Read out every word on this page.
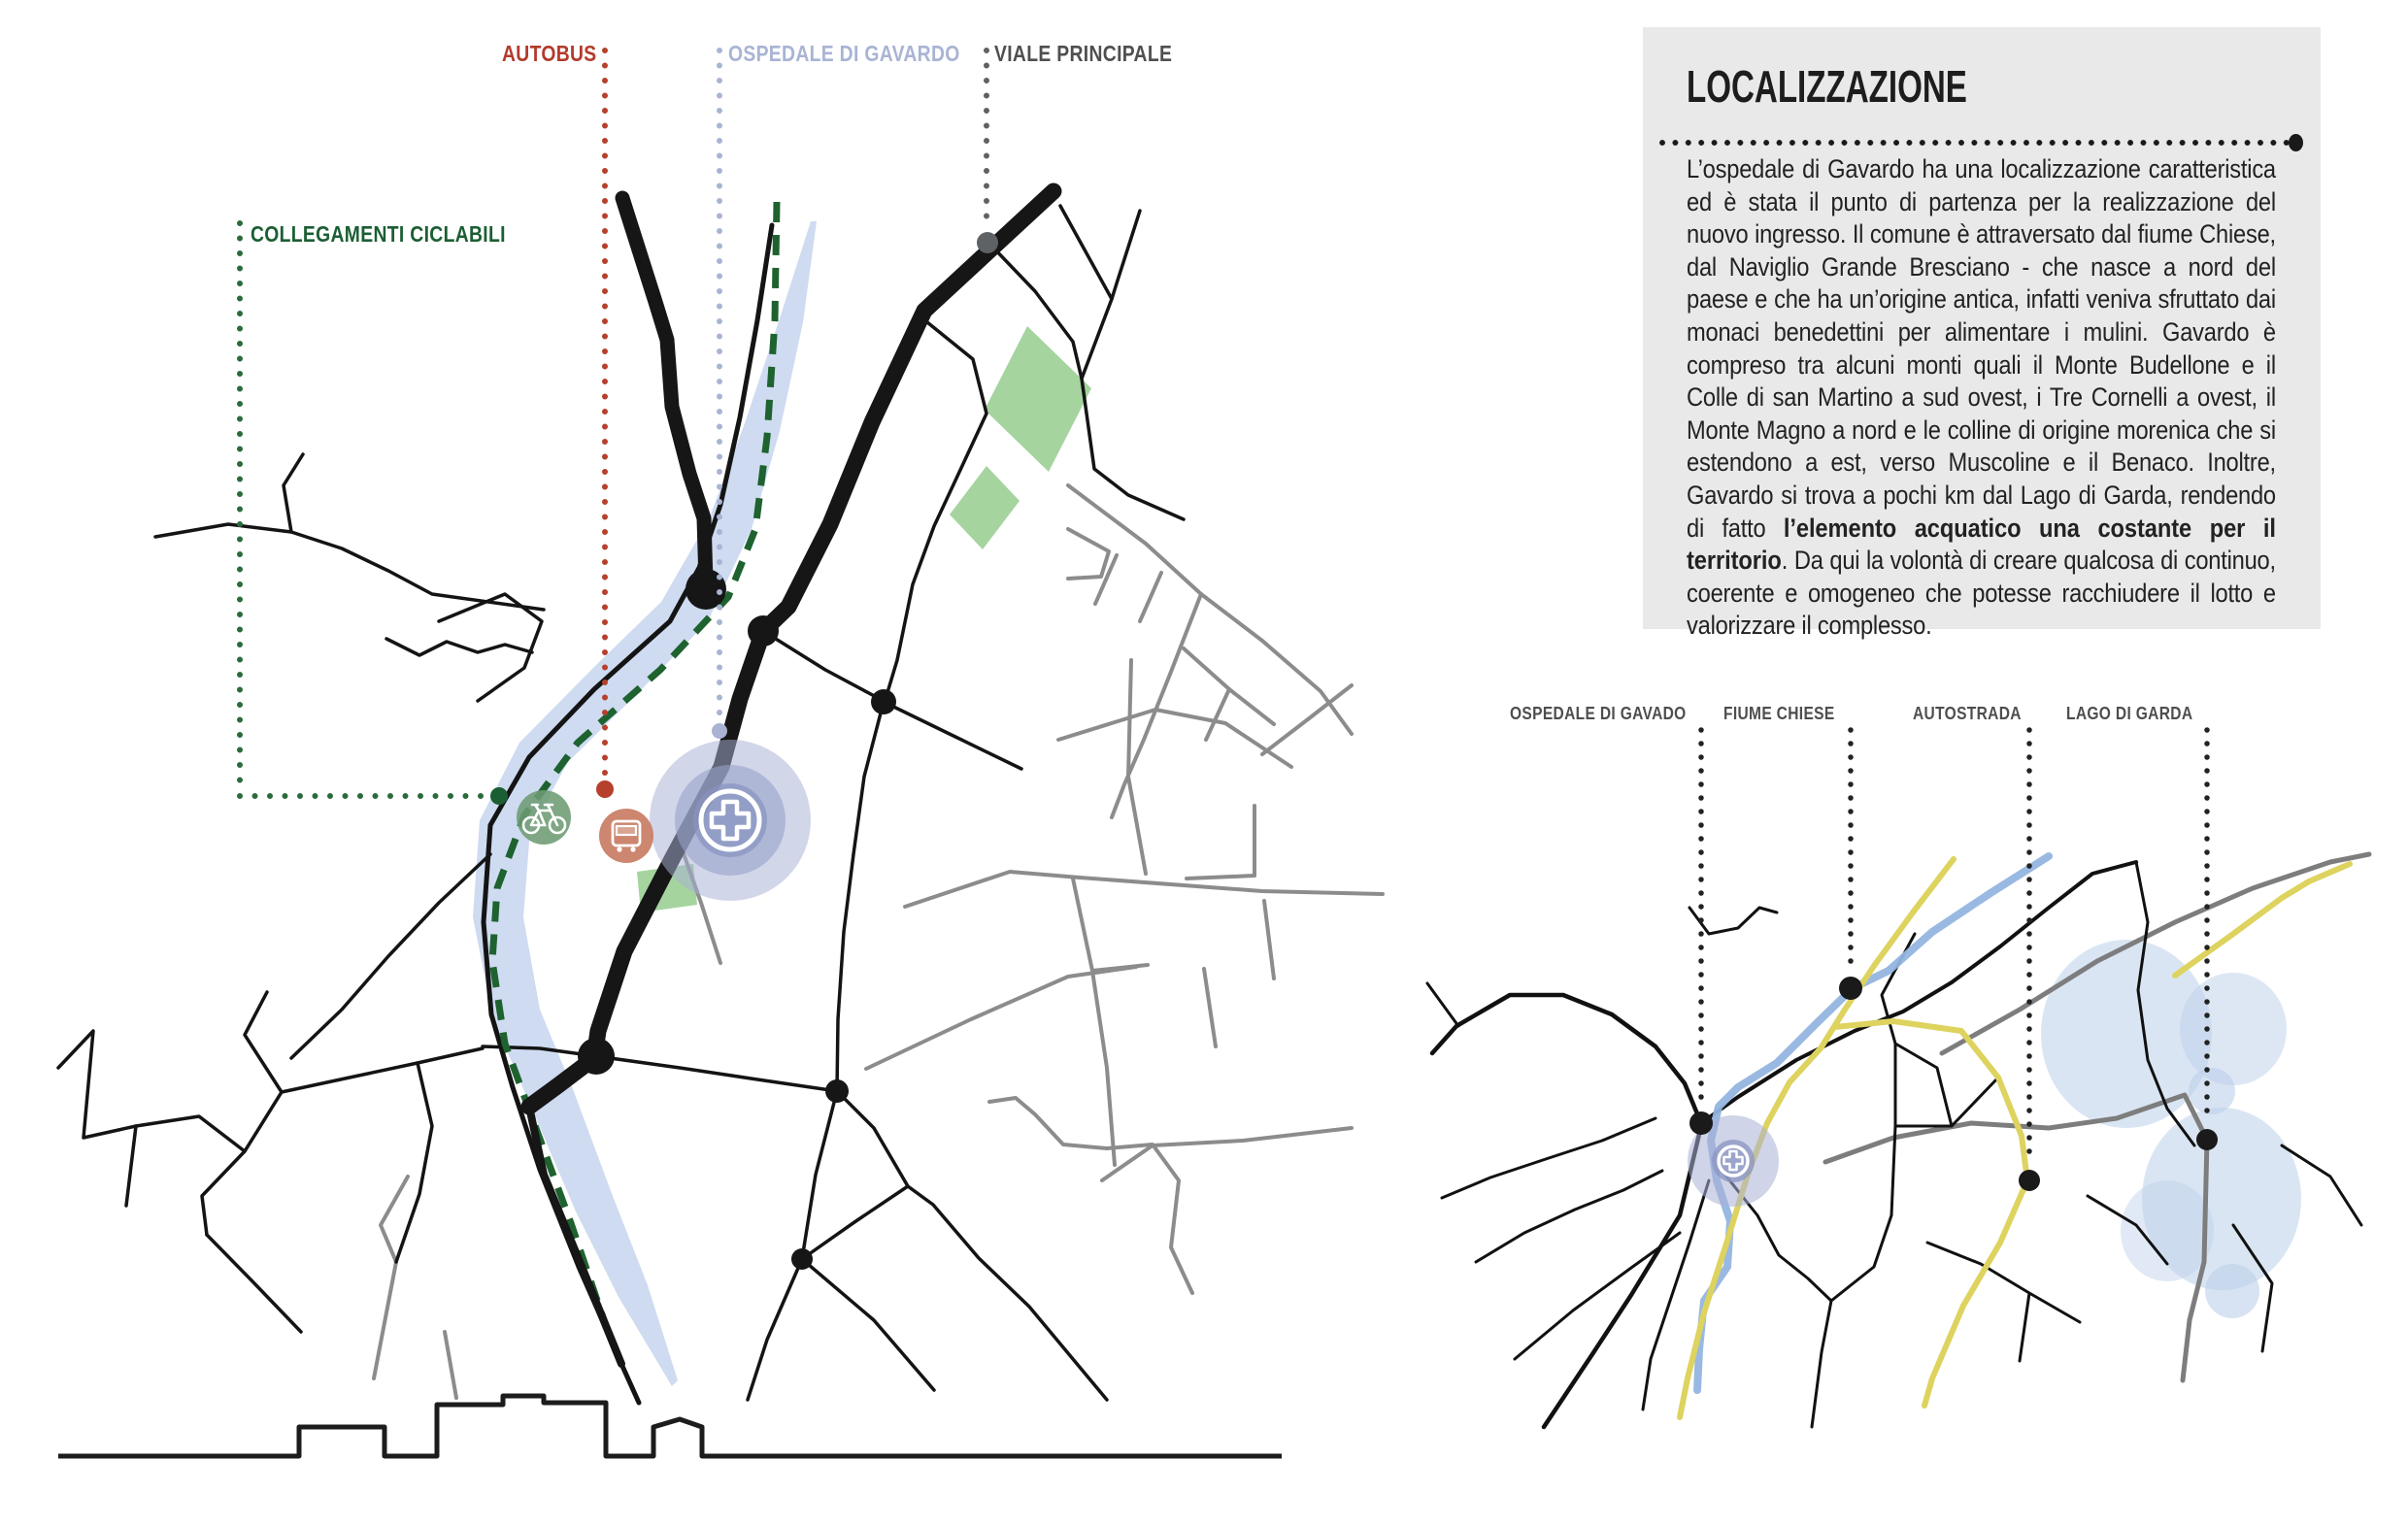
AUTOBUS	OSPEDALE DI GAVARDO VIALE PRINCIPALE
COLLEGAMENTI CICLABILI
OSPEDALE DI GAVADO FIUME CHIESE	AUTOSTRADA LAGO DI GARDA
LOCALIZZAZIONE
L’ospedale di Gavardo ha una localizzazione caratteristica ed è stata il punto di partenza per la realizzazione del nuovo ingresso. Il comune è attraversato dal fiume Chiese, dal Naviglio Grande Bresciano - che nasce a nord del paese e che ha un’origine antica, infatti veniva sfruttato dai monaci benedettini per alimentare i mulini. Gavardo è compreso tra alcuni monti quali il Monte Budellone e il Colle di san Martino a sud ovest, i Tre Cornelli a ovest, il Monte Magno a nord e le colline di origine morenica che si estendono a est, verso Muscoline e il Benaco. Inoltre, Gavardo si trova a pochi km dal Lago di Garda, rendendo di fatto l’elemento acquatico una costante per il territorio. Da qui la volontà di creare qualcosa di continuo, coerente e omogeneo che potesse racchiudere il lotto e valorizzare il complesso.
